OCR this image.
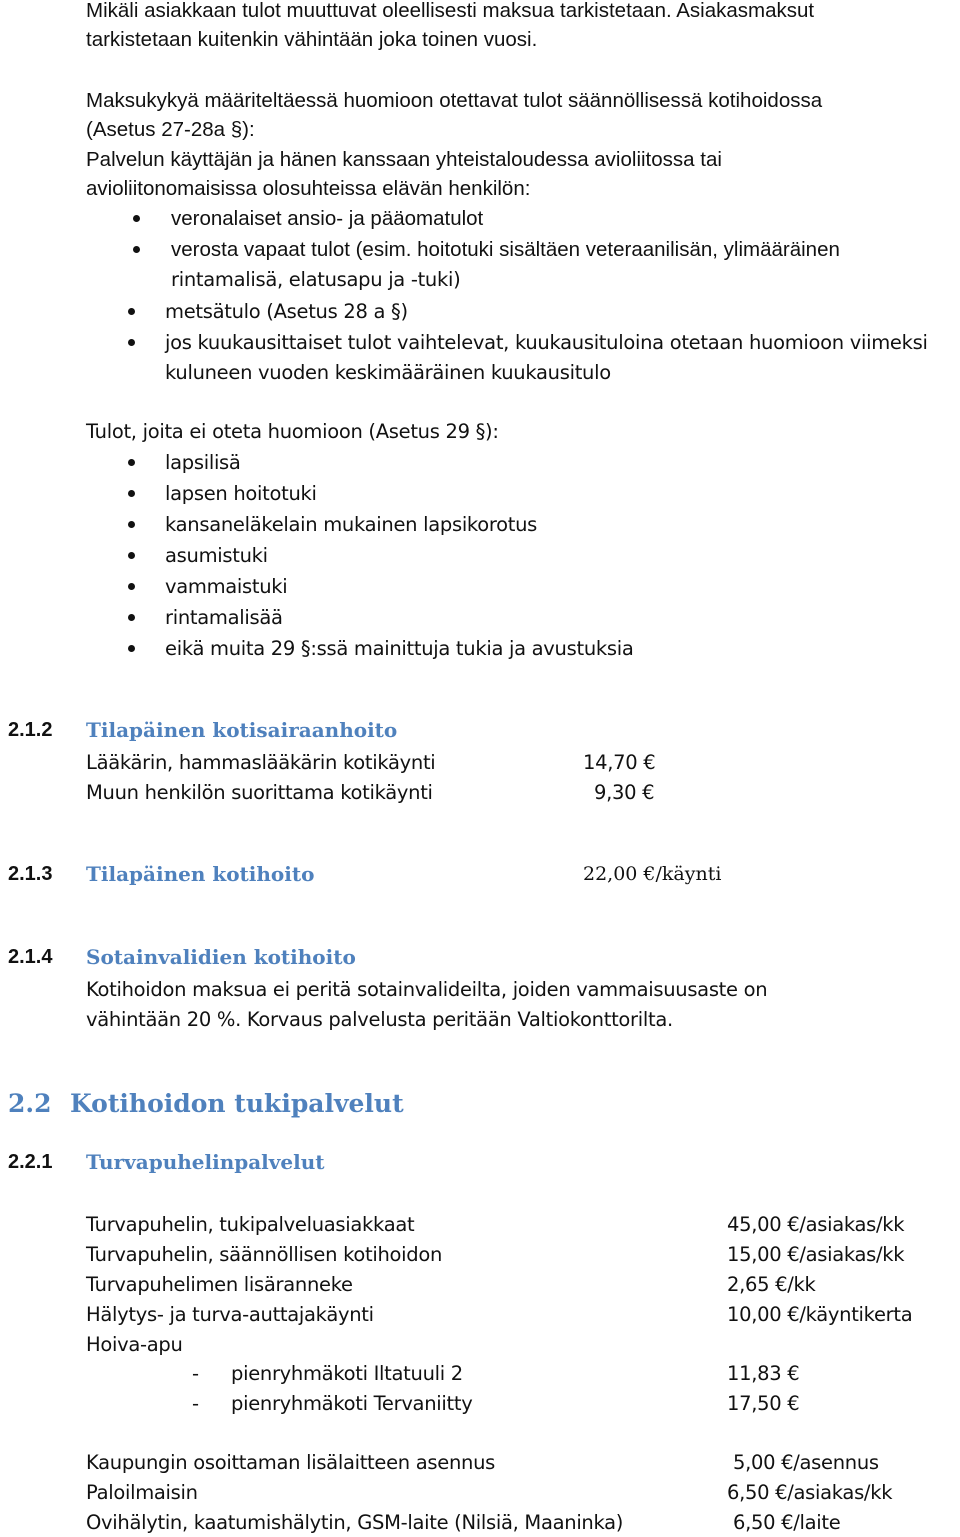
Mikäli asiakkaan tulot muuttuvat oleellisesti maksua tarkistetaan. Asiakasmaksut
tarkistetaan kuitenkin vähintään joka toinen vuosi.
Maksukykyä määriteltäessä huomioon otettavat tulot säännöllisessä kotihoidossa
(Asetus 27-28a §):
Palvelun käyttäjän ja hänen kanssaan yhteistaloudessa avioliitossa tai
avioliitonomaisissa olosuhteissa elävän henkilön:
veronalaiset ansio- ja pääomatulot
verosta vapaat tulot (esim. hoitotuki sisältäen veteraanilisän, ylimääräinen
rintamalisä, elatusapu ja -tuki)
metsätulo (Asetus 28 a §)
jos kuukausittaiset tulot vaihtelevat, kuukausituloina otetaan huomioon viimeksi
kuluneen vuoden keskimääräinen kuukausitulo
Tulot, joita ei oteta huomioon (Asetus 29 §):
lapsilisä
lapsen hoitotuki
kansaneläkelain mukainen lapsikorotus
asumistuki
vammaistuki
rintamalisää
eikä muita 29 §:ssä mainittuja tukia ja avustuksia
2.1.2 Tilapäinen kotisairaanhoito
Lääkärin, hammaslääkärin kotikäynti	14,70 €
Muun henkilön suorittama kotikäynti	9,30 €
2.1.3 Tilapäinen kotihoito	22,00 €/käynti
2.1.4 Sotainvalidien kotihoito
Kotihoidon maksua ei peritä sotainvalideilta, joiden vammaisuusaste on
vähintään 20 %. Korvaus palvelusta peritään Valtiokonttorilta.
2.2 Kotihoidon tukipalvelut
2.2.1 Turvapuhelinpalvelut
Turvapuhelin, tukipalveluasiakkaat	45,00 €/asiakas/kk
Turvapuhelin, säännöllisen kotihoidon	15,00 €/asiakas/kk
Turvapuhelimen lisäranneke	2,65 €/kk
Hälytys- ja turva-auttajakäynti	10,00 €/käyntikerta
Hoiva-apu
- pienryhmäkoti Iltatuuli 2	11,83 €
- pienryhmäkoti Tervaniitty	17,50 €
Kaupungin osoittaman lisälaitteen asennus	5,00 €/asennus
Paloilmaisin	6,50 €/asiakas/kk
Ovihälytin, kaatumishälytin, GSM-laite (Nilsiä, Maaninka)	6,50 €/laite
